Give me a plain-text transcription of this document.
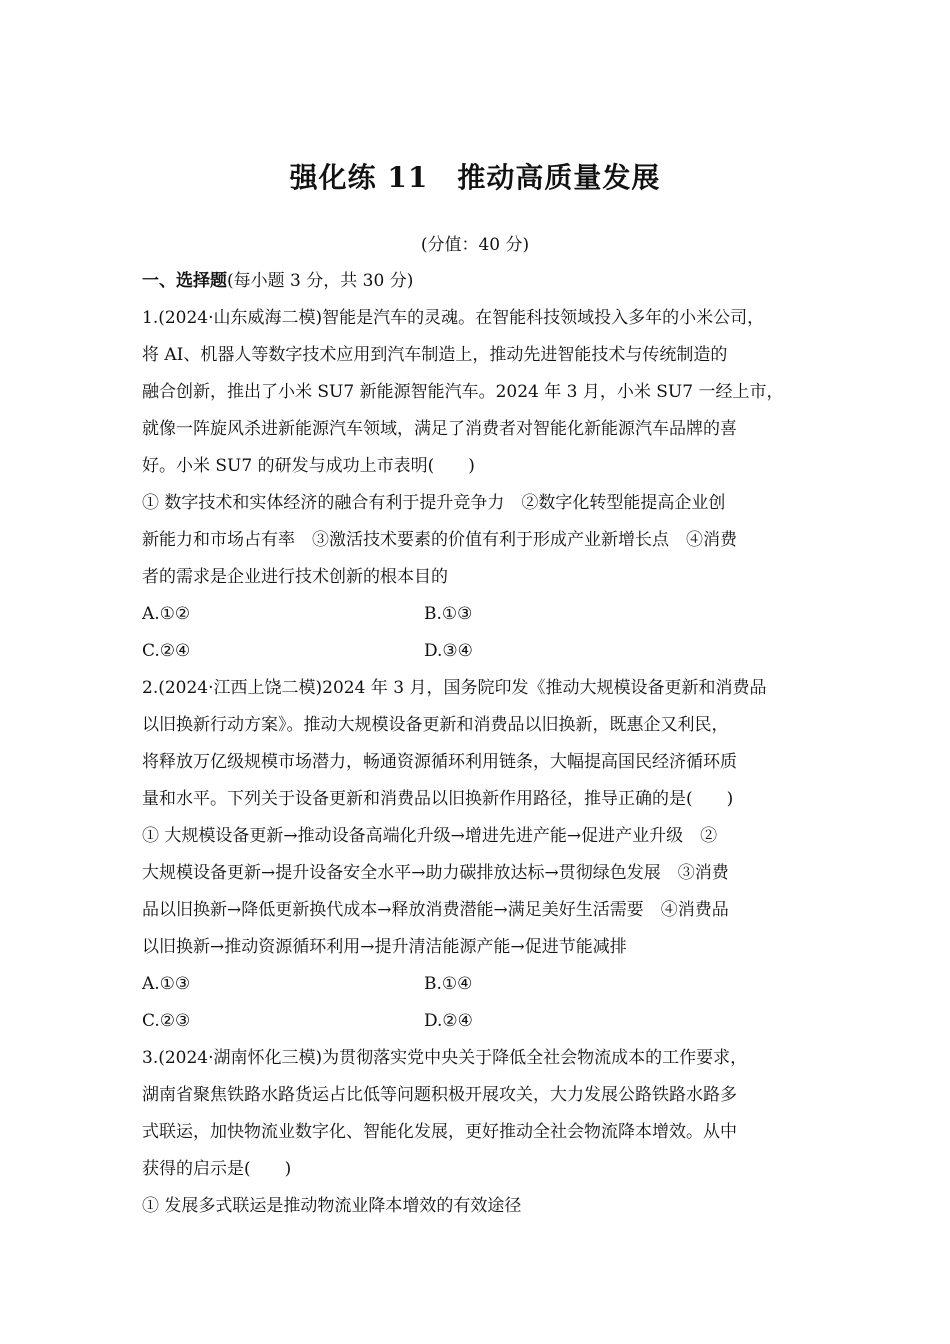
强化练 11　推动高质量发展
(分值：40 分)

一、选择题(每小题 3 分，共 30 分)

1.(2024·山东威海二模)智能是汽车的灵魂。在智能科技领域投入多年的小米公司，

将 AI、机器人等数字技术应用到汽车制造上，推动先进智能技术与传统制造的

融合创新，推出了小米 SU7 新能源智能汽车。2024 年 3 月，小米 SU7 一经上市，

就像一阵旋风杀进新能源汽车领域，满足了消费者对智能化新能源汽车品牌的喜

好。小米 SU7 的研发与成功上市表明(　　)

① 数字技术和实体经济的融合有利于提升竞争力　②数字化转型能提高企业创

新能力和市场占有率　③激活技术要素的价值有利于形成产业新增长点　④消费

者的需求是企业进行技术创新的根本目的

A.①②	B.①③
C.②④	D.③④

2.(2024·江西上饶二模)2024 年 3 月，国务院印发《推动大规模设备更新和消费品

以旧换新行动方案》。推动大规模设备更新和消费品以旧换新，既惠企又利民，

将释放万亿级规模市场潜力，畅通资源循环利用链条，大幅提高国民经济循环质

量和水平。下列关于设备更新和消费品以旧换新作用路径，推导正确的是(　　)

① 大规模设备更新→推动设备高端化升级→增进先进产能→促进产业升级　②

大规模设备更新→提升设备安全水平→助力碳排放达标→贯彻绿色发展　③消费

品以旧换新→降低更新换代成本→释放消费潜能→满足美好生活需要　④消费品

以旧换新→推动资源循环利用→提升清洁能源产能→促进节能减排

A.①③	B.①④
C.②③	D.②④

3.(2024·湖南怀化三模)为贯彻落实党中央关于降低全社会物流成本的工作要求，

湖南省聚焦铁路水路货运占比低等问题积极开展攻关，大力发展公路铁路水路多

式联运，加快物流业数字化、智能化发展，更好推动全社会物流降本增效。从中

获得的启示是(　　)

① 发展多式联运是推动物流业降本增效的有效途径
